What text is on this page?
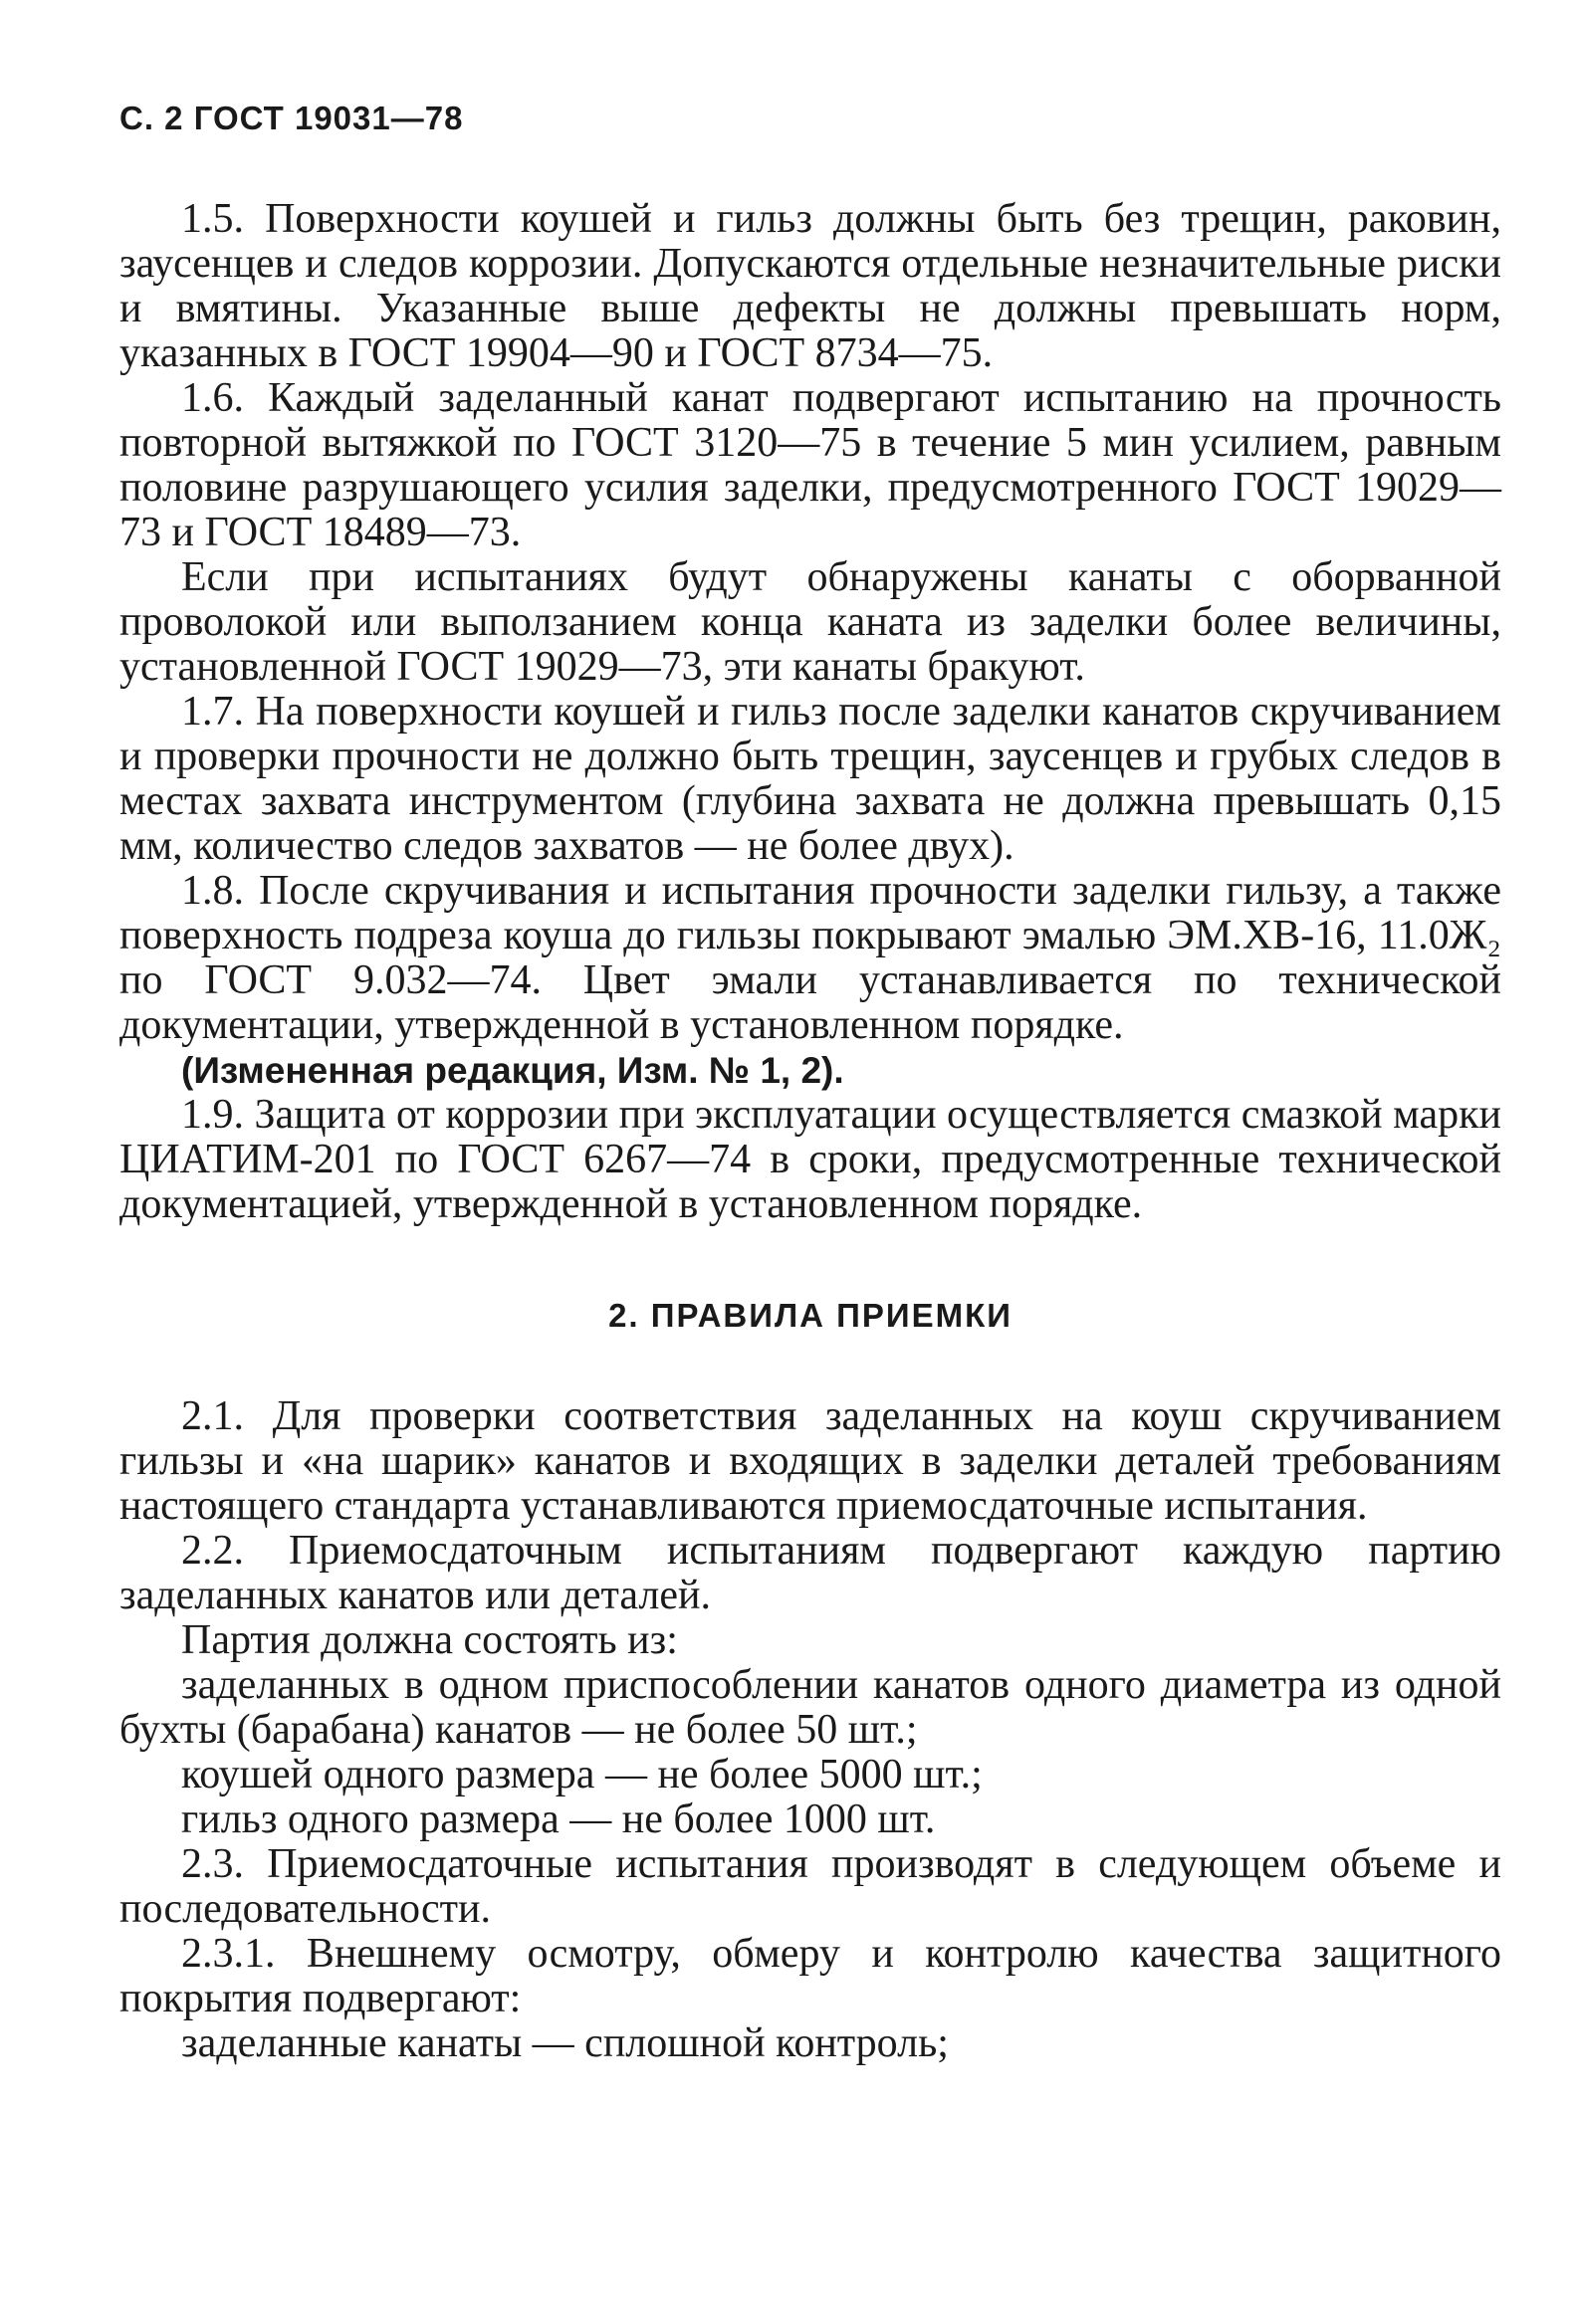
С. 2 ГОСТ 19031—78

1.5. Поверхности коушей и гильз должны быть без трещин, раковин, заусенцев и следов коррозии. Допускаются отдельные незначительные риски и вмятины. Указанные выше дефекты не должны превышать норм, указанных в ГОСТ 19904—90 и ГОСТ 8734—75.

1.6. Каждый заделанный канат подвергают испытанию на прочность повторной вытяжкой по ГОСТ 3120—75 в течение 5 мин усилием, равным половине разрушающего усилия заделки, предусмотренного ГОСТ 19029—73 и ГОСТ 18489—73.

Если при испытаниях будут обнаружены канаты с оборванной проволокой или выползанием конца каната из заделки более величины, установленной ГОСТ 19029—73, эти канаты бракуют.

1.7. На поверхности коушей и гильз после заделки канатов скручиванием и проверки прочности не должно быть трещин, заусенцев и грубых следов в местах захвата инструментом (глубина захвата не должна превышать 0,15 мм, количество следов захватов — не более двух).

1.8. После скручивания и испытания прочности заделки гильзу, а также поверхность подреза коуша до гильзы покрывают эмалью ЭМ.ХВ-16, 11.0Ж₂ по ГОСТ 9.032—74. Цвет эмали устанавливается по технической документации, утвержденной в установленном порядке.

(Измененная редакция, Изм. № 1, 2).

1.9. Защита от коррозии при эксплуатации осуществляется смазкой марки ЦИАТИМ-201 по ГОСТ 6267—74 в сроки, предусмотренные технической документацией, утвержденной в установленном порядке.

2. ПРАВИЛА ПРИЕМКИ

2.1. Для проверки соответствия заделанных на коуш скручиванием гильзы и «на шарик» канатов и входящих в заделки деталей требованиям настоящего стандарта устанавливаются приемосдаточные испытания.

2.2. Приемосдаточным испытаниям подвергают каждую партию заделанных канатов или деталей.

Партия должна состоять из:

заделанных в одном приспособлении канатов одного диаметра из одной бухты (барабана) канатов — не более 50 шт.;

коушей одного размера — не более 5000 шт.;

гильз одного размера — не более 1000 шт.

2.3. Приемосдаточные испытания производят в следующем объеме и последовательности.

2.3.1. Внешнему осмотру, обмеру и контролю качества защитного покрытия подвергают:

заделанные канаты — сплошной контроль;
